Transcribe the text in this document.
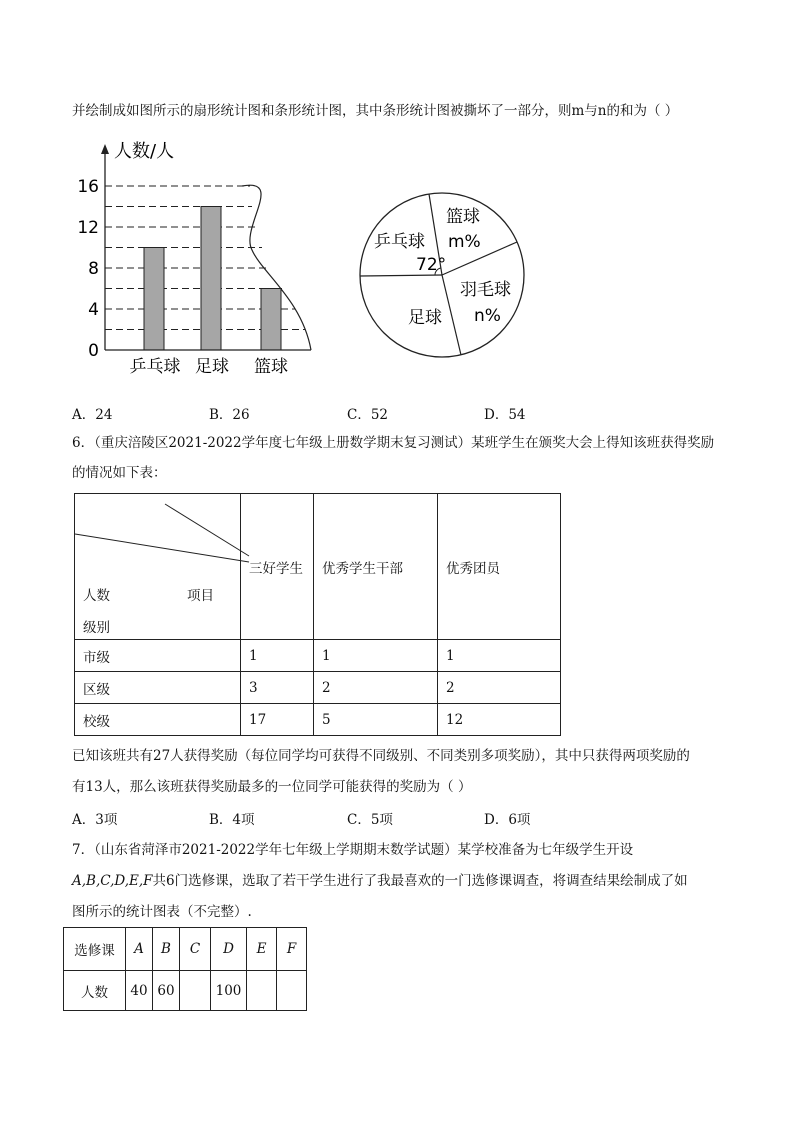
并绘制成如图所示的扇形统计图和条形统计图，其中条形统计图被撕坏了一部分，则m与n的和为（ ）
0
4
8
12
16
乒乓球 足球 篮球
人数/人
篮球
m%
乒乓球
72°
羽毛球
n%
足球
A．24	B．26	C．52	D．54
6．（重庆涪陵区2021-2022学年度七年级上册数学期末复习测试）某班学生在颁奖大会上得知该班获得奖励
的情况如下表：
项目
人数
级别	三好学生	优秀学生干部	优秀团员
市级	1	1	1
区级	3	2	2
校级	17	5	12
已知该班共有27人获得奖励（每位同学均可获得不同级别、不同类别多项奖励），其中只获得两项奖励的
有13人，那么该班获得奖励最多的一位同学可能获得的奖励为（ ）
A．3项	B．4项	C．5项	D．6项
7．（山东省菏泽市2021-2022学年七年级上学期期末数学试题）某学校准备为七年级学生开设
A,B,C,D,E,F共6门选修课，选取了若干学生进行了我最喜欢的一门选修课调查，将调查结果绘制成了如
图所示的统计图表（不完整）.
选修课	A	B	C	D	E	F
人数	40	60		100		
